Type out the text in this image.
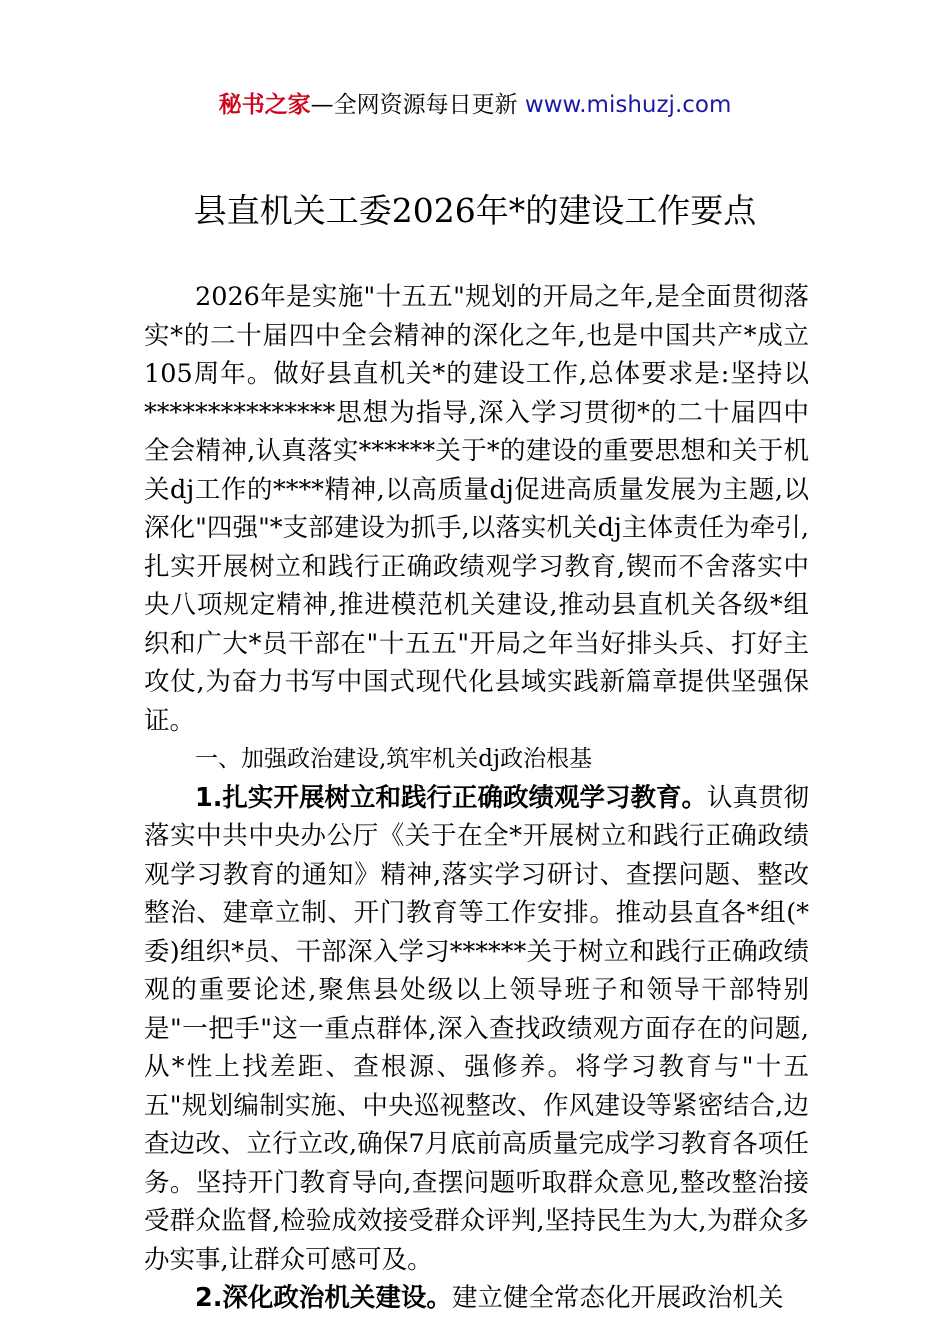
秘书之家—全网资源每日更新 www.mishuzj.com
县直机关工委2026年*的建设工作要点

2026年是实施"十五五"规划的开局之年,是全面贯彻落实*的二十届四中全会精神的深化之年,也是中国共产*成立105周年。做好县直机关*的建设工作,总体要求是:坚持以***************思想为指导,深入学习贯彻*的二十届四中全会精神,认真落实******关于*的建设的重要思想和关于机关dj工作的****精神,以高质量dj促进高质量发展为主题,以深化"四强"*支部建设为抓手,以落实机关dj主体责任为牵引,扎实开展树立和践行正确政绩观学习教育,锲而不舍落实中央八项规定精神,推进模范机关建设,推动县直机关各级*组织和广大*员干部在"十五五"开局之年当好排头兵、打好主攻仗,为奋力书写中国式现代化县域实践新篇章提供坚强保证。

一、加强政治建设,筑牢机关dj政治根基

1.扎实开展树立和践行正确政绩观学习教育。认真贯彻落实中共中央办公厅《关于在全*开展树立和践行正确政绩观学习教育的通知》精神,落实学习研讨、查摆问题、整改整治、建章立制、开门教育等工作安排。推动县直各*组(*委)组织*员、干部深入学习******关于树立和践行正确政绩观的重要论述,聚焦县处级以上领导班子和领导干部特别是"一把手"这一重点群体,深入查找政绩观方面存在的问题,从*性上找差距、查根源、强修养。将学习教育与"十五五"规划编制实施、中央巡视整改、作风建设等紧密结合,边查边改、立行立改,确保7月底前高质量完成学习教育各项任务。坚持开门教育导向,查摆问题听取群众意见,整改整治接受群众监督,检验成效接受群众评判,坚持民生为大,为群众多办实事,让群众可感可及。

2.深化政治机关建设。建立健全常态化开展政治机关
